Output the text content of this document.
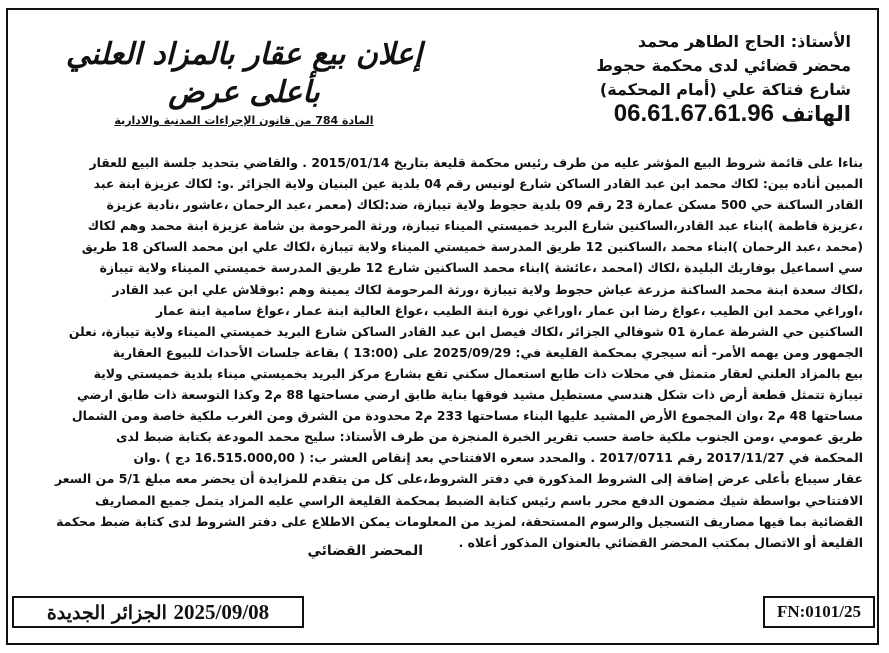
الأستاذ: الحاج الطاهر محمد
محضر قضائي لدى محكمة حجوط
شارع فتاكة علي (أمام المحكمة)
الهاتف 06.61.67.61.96
إعلان بيع عقار بالمزاد العلني
بأعلى عرض
المادة 784 من قانون الإجراءات المدنية والادارية
بناءا على قائمة شروط البيع المؤشر عليه من طرف رئيس محكمة قليعة بتاريخ 2015/01/14 . والقاضي بتحديد جلسة البيع للعقار
المبين أناده بين: لكاك محمد ابن عبد القادر الساكن شارع لونيس رقم 04 بلدية عين البنيان ولاية الجزائر .و: لكاك عزيزة ابنة عبد
القادر الساكنة حي 500 مسكن عمارة 23 رقم 09 بلدية حجوط ولاية تيبازة، ضد:لكاك (معمر ،عبد الرحمان ،عاشور ،نادية عزيزة
،عزيزة فاطمة )ابناء عبد القادر،الساكنين شارع البريد خميستي الميناء تيبازة، ورثة المرحومة بن شامة عزيزة ابنة محمد وهم لكاك
(محمد ،عبد الرحمان )ابناء محمد ،الساكنين 12 طريق المدرسة خميستي الميناء ولاية تيبازة ،لكاك علي ابن محمد الساكن 18 طريق
سي اسماعيل بوفاريك البليدة ،لكاك (امحمد ،عائشة )ابناء محمد الساكنين شارع 12 طريق المدرسة خميستي الميناء ولاية تيبازة
،لكاك سعدة ابنة محمد الساكنة مزرعة عياش حجوط ولاية تيبازة ،ورثة المرحومة لكاك يمينة وهم :بوقلاش علي ابن عبد القادر
،اوراغي محمد ابن الطيب ،عواغ رضا ابن عمار ،اوراغي نورة ابنة الطيب ،عواغ العالية ابنة عمار ،عواغ سامية ابنة عمار
الساكنين حي الشرطة عمارة 01 شوفالي الجزائر ،لكاك فيصل ابن عبد القادر الساكن شارع البريد خميستي الميناء ولاية تيبازة، نعلن
الجمهور ومن يهمه الأمر- أنه سيجري بمحكمة القليعة في: 2025/09/29 على (13:00 ) بقاعة جلسات الأحداث للبيوع العقارية
بيع بالمزاد العلني لعقار متمثل في محلات ذات طابع استعمال سكني تقع بشارع مركز البريد بخميستي ميناء بلدية خميستي ولاية
تيبازة تتمثل قطعة أرض ذات شكل هندسي مستطيل مشيد فوقها بناية طابق ارضي مساحتها 88 م2 وكذا التوسعة ذات طابق ارضي
مساحتها 48 م2 ،وان المجموع الأرض المشيد عليها البناء مساحتها 233 م2 محدودة من الشرق ومن الغرب ملكية خاصة ومن الشمال
طريق عمومي ،ومن الجنوب ملكية خاصة حسب تقرير الخبرة المنجزة من طرف الأستاذ: سليح محمد المودعة بكتابة ضبط لدى
المحكمة في 2017/11/27 رقم 2017/0711 . والمحدد سعره الافتتاحي بعد إنقاص العشر ب: ( 16.515.000,00 دج ) .وان
عقار سيباع بأعلى عرض إضافة إلى الشروط المذكورة في دفتر الشروط،على كل من يتقدم للمزايدة أن يحضر معه مبلغ 5/1 من السعر
الافتتاحي بواسطة شيك مضمون الدفع محرر باسم رئيس كتابة الضبط بمحكمة القليعة الراسي عليه المزاد يتمل جميع المصاريف
القضائية بما فيها مصاريف التسجيل والرسوم المستحقة، لمزيد من المعلومات يمكن الاطلاع على دفتر الشروط لدى كتابة ضبط محكمة
القليعة أو الاتصال بمكتب المحضر القضائي بالعنوان المذكور أعلاه .
المحضر القضائي
الجزائر الجديدة 2025/09/08	FN:0101/25
